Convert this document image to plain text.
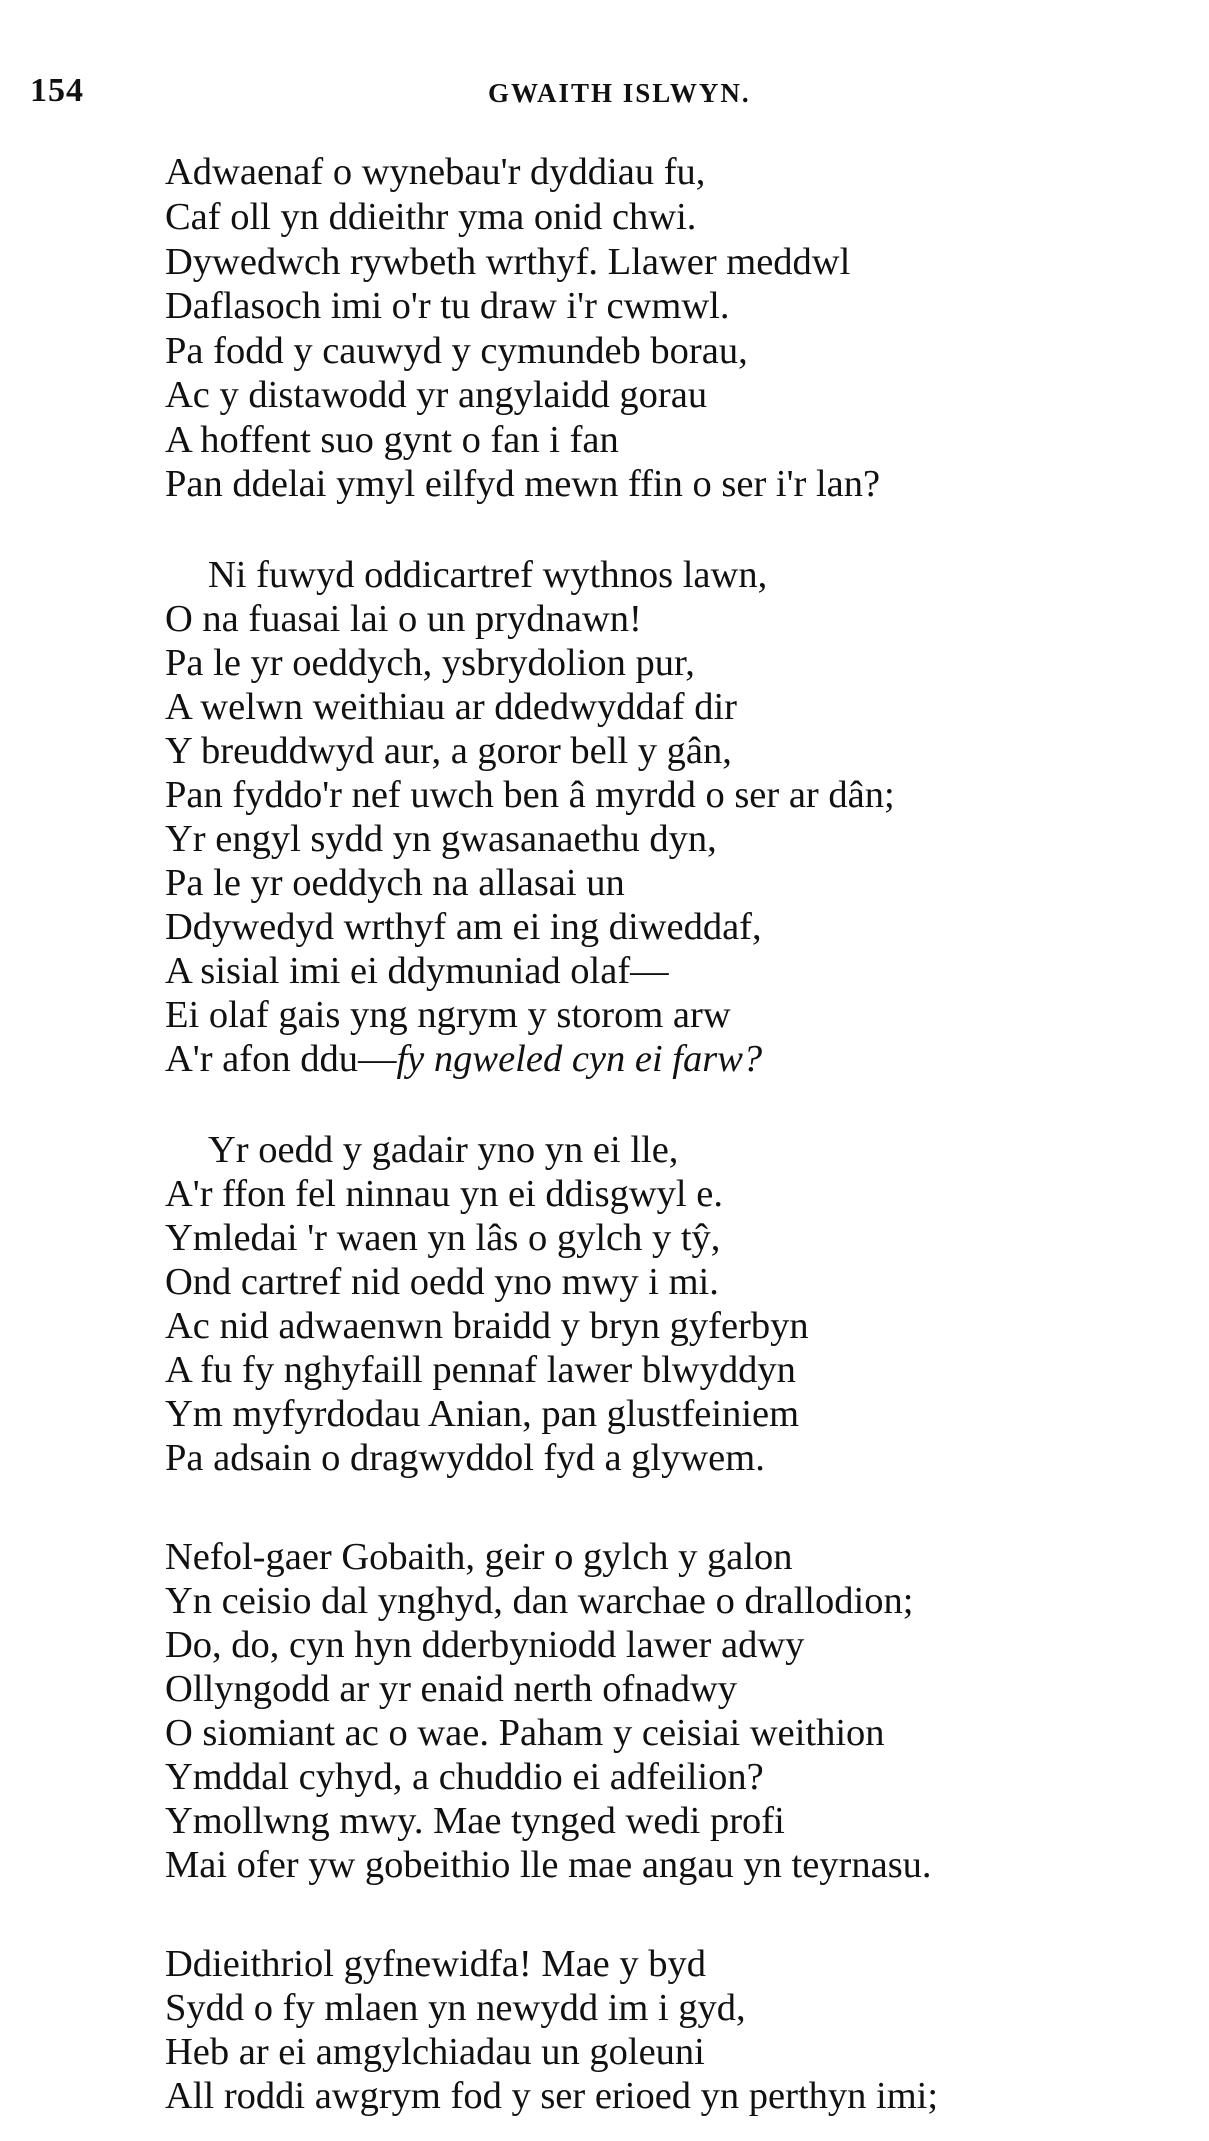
154	GWAITH ISLWYN.
Adwaenaf o wynebau'r dyddiau fu,
Caf oll yn ddieithr yma onid chwi.
Dywedwch rywbeth wrthyf. Llawer meddwl
Daflasoch imi o'r tu draw i'r cwmwl.
Pa fodd y cauwyd y cymundeb borau,
Ac y distawodd yr angylaidd gorau
A hoffent suo gynt o fan i fan
Pan ddelai ymyl eilfyd mewn ffin o ser i'r lan?
Ni fuwyd oddicartref wythnos lawn,
O na fuasai lai o un prydnawn!
Pa le yr oeddych, ysbrydolion pur,
A welwn weithiau ar ddedwyddaf dir
Y breuddwyd aur, a goror bell y gân,
Pan fyddo'r nef uwch ben â myrdd o ser ar dân;
Yr engyl sydd yn gwasanaethu dyn,
Pa le yr oeddych na allasai un
Ddywedyd wrthyf am ei ing diweddaf,
A sisial imi ei ddymuniad olaf—
Ei olaf gais yng ngrym y storom arw
A'r afon ddu—fy ngweled cyn ei farw?
Yr oedd y gadair yno yn ei lle,
A'r ffon fel ninnau yn ei ddisgwyl e.
Ymledai 'r waen yn lâs o gylch y tŷ,
Ond cartref nid oedd yno mwy i mi.
Ac nid adwaenwn braidd y bryn gyferbyn
A fu fy nghyfaill pennaf lawer blwyddyn
Ym myfyrdodau Anian, pan glustfeiniem
Pa adsain o dragwyddol fyd a glywem.
Nefol-gaer Gobaith, geir o gylch y galon
Yn ceisio dal ynghyd, dan warchae o drallodion;
Do, do, cyn hyn dderbyniodd lawer adwy
Ollyngodd ar yr enaid nerth ofnadwy
O siomiant ac o wae. Paham y ceisiai weithion
Ymddal cyhyd, a chuddio ei adfeilion?
Ymollwng mwy. Mae tynged wedi profi
Mai ofer yw gobeithio lle mae angau yn teyrnasu.
Ddieithriol gyfnewidfa! Mae y byd
Sydd o fy mlaen yn newydd im i gyd,
Heb ar ei amgylchiadau un goleuni
All roddi awgrym fod y ser erioed yn perthyn imi;
